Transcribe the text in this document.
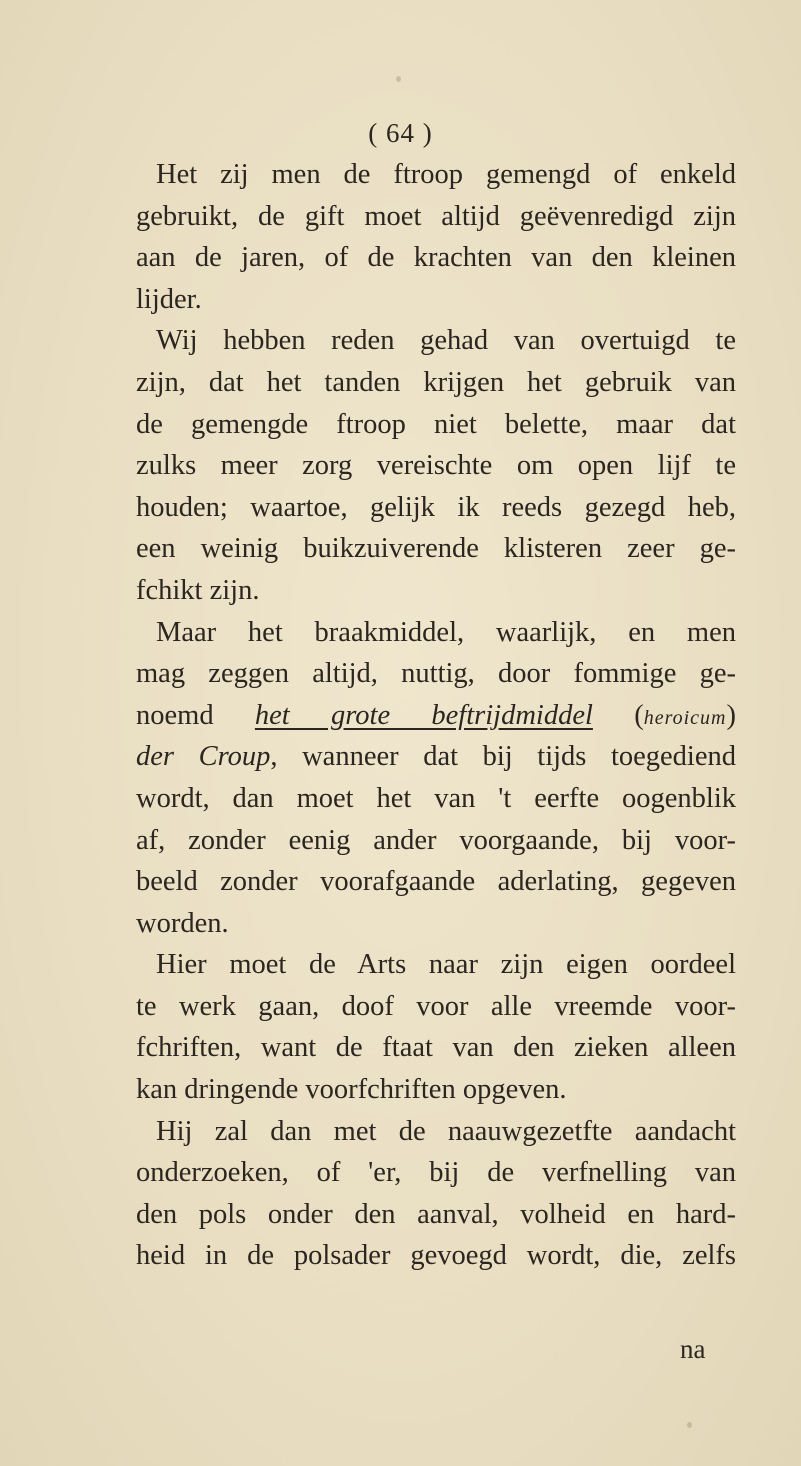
( 64 )
Het zij men de ftroop gemengd of enkeld
gebruikt, de gift moet altijd geëvenredigd zijn
aan de jaren, of de krachten van den kleinen
lijder.
Wij hebben reden gehad van overtuigd te
zijn, dat het tanden krijgen het gebruik van
de gemengde ftroop niet belette, maar dat
zulks meer zorg vereischte om open lijf te
houden; waartoe, gelijk ik reeds gezegd heb,
een weinig buikzuiverende klisteren zeer ge-
fchikt zijn.
Maar het braakmiddel, waarlijk, en men
mag zeggen altijd, nuttig, door fommige ge-
noemd het grote beftrijdmiddel (heroicum)
der Croup, wanneer dat bij tijds toegediend
wordt, dan moet het van 't eerfte oogenblik
af, zonder eenig ander voorgaande, bij voor-
beeld zonder voorafgaande aderlating, gegeven
worden.
Hier moet de Arts naar zijn eigen oordeel
te werk gaan, doof voor alle vreemde voor-
fchriften, want de ftaat van den zieken alleen
kan dringende voorfchriften opgeven.
Hij zal dan met de naauwgezetfte aandacht
onderzoeken, of 'er, bij de verfnelling van
den pols onder den aanval, volheid en hard-
heid in de polsader gevoegd wordt, die, zelfs
na
